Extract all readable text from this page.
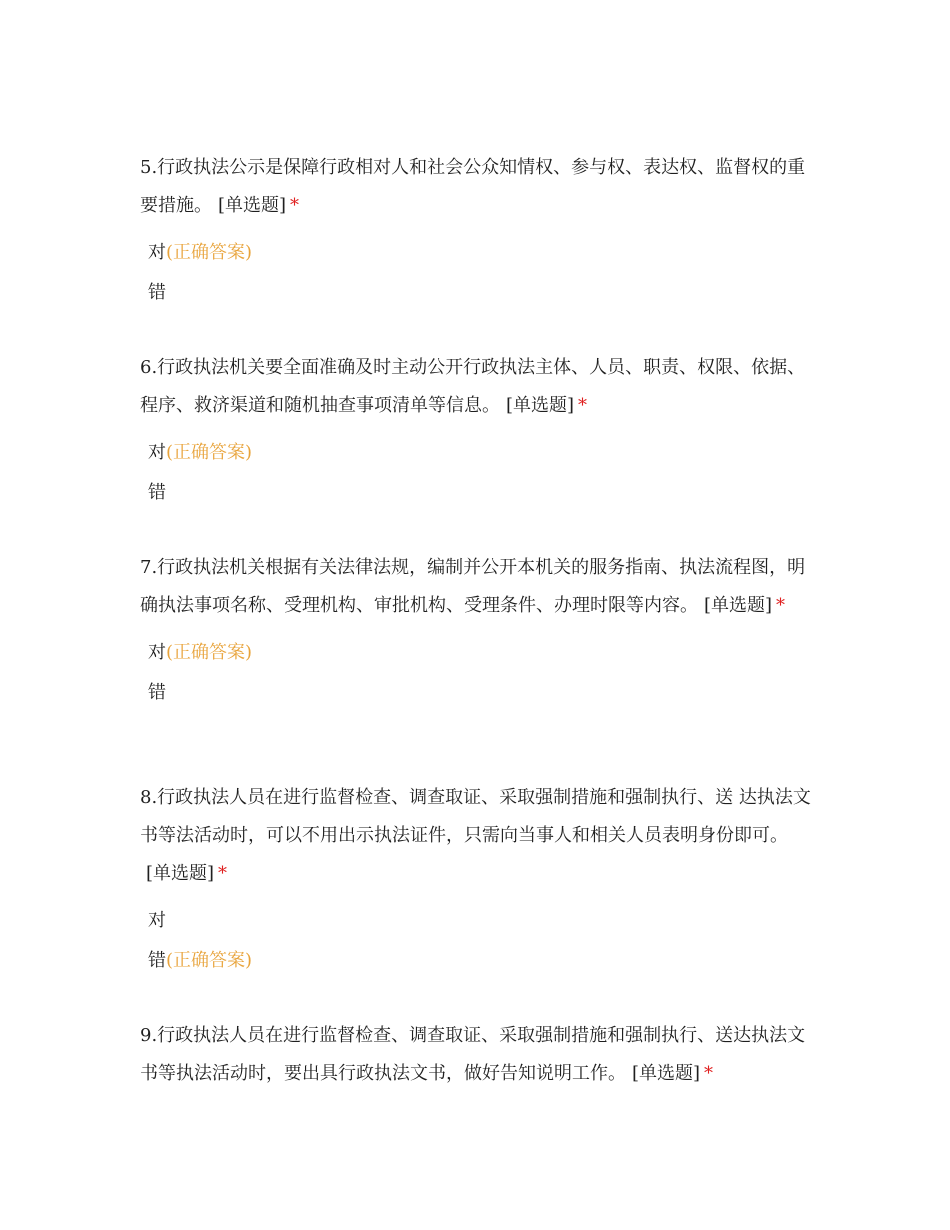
5.行政执法公示是保障行政相对人和社会公众知情权、参与权、表达权、监督权的重要措施。 [单选题] *

对(正确答案)
错

6.行政执法机关要全面准确及时主动公开行政执法主体、人员、职责、权限、依据、程序、救济渠道和随机抽查事项清单等信息。 [单选题] *

对(正确答案)
错

7.行政执法机关根据有关法律法规，编制并公开本机关的服务指南、执法流程图，明确执法事项名称、受理机构、审批机构、受理条件、办理时限等内容。 [单选题] *

对(正确答案)
错

8.行政执法人员在进行监督检查、调查取证、采取强制措施和强制执行、送 达执法文书等法活动时，可以不用出示执法证件，只需向当事人和相关人员表明身份即可。[单选题] *

对
错(正确答案)

9.行政执法人员在进行监督检查、调查取证、采取强制措施和强制执行、送达执法文书等执法活动时，要出具行政执法文书，做好告知说明工作。 [单选题] *
